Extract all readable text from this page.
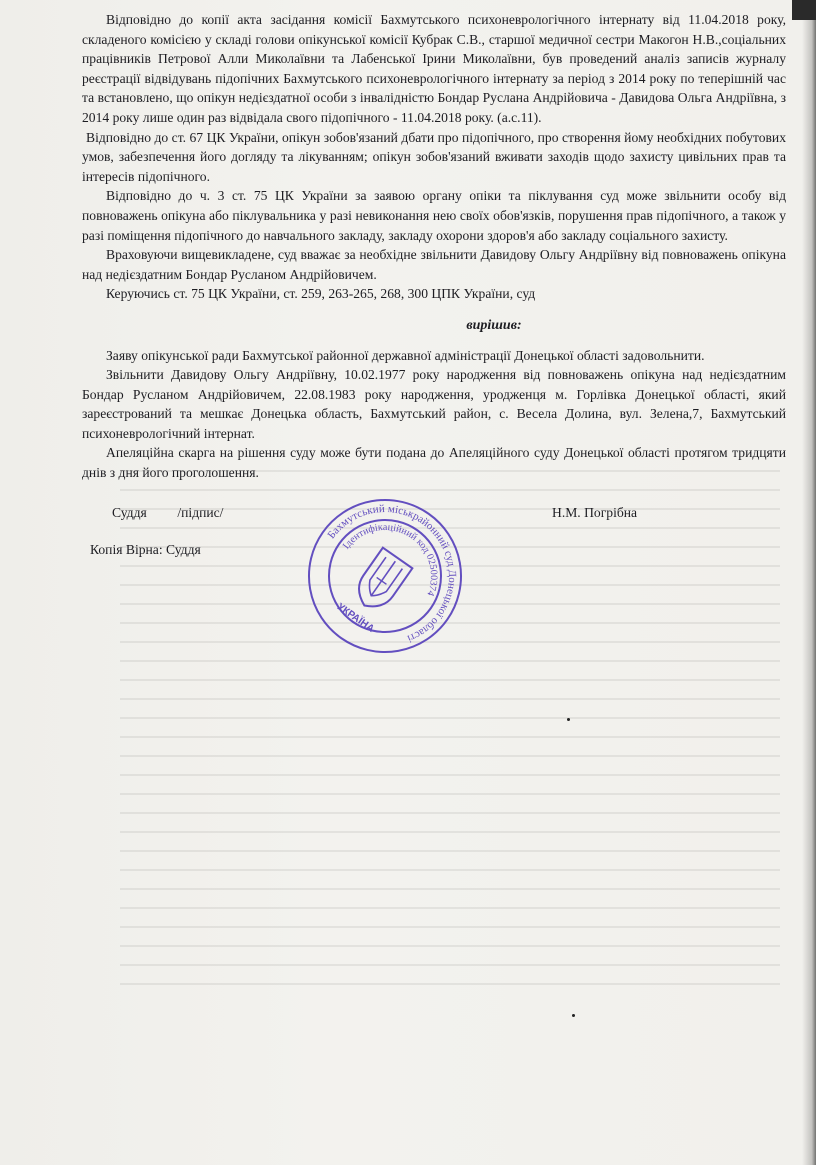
Відповідно до копії акта засідання комісії Бахмутського психоневрологічного інтернату від 11.04.2018 року, складеного комісією у складі голови опікунської комісії Кубрак С.В., старшої медичної сестри Макогон Н.В.,соціальних працівників Петрової Алли Миколаївни та Лабенської Ірини Миколаївни, був проведений аналіз записів журналу реєстрації відвідувань підопічних Бахмутського психоневрологічного інтернату за період з 2014 року по теперішній час та встановлено, що опікун недієздатної особи з інвалідністю Бондар Руслана Андрійовича - Давидова Ольга Андріївна, з 2014 року лише один раз відвідала свого підопічного - 11.04.2018 року. (а.с.11).

Відповідно до ст. 67 ЦК України, опікун зобов'язаний дбати про підопічного, про створення йому необхідних побутових умов, забезпечення його догляду та лікуванням; опікун зобов'язаний вживати заходів щодо захисту цивільних прав та інтересів підопічного.

Відповідно до ч. 3 ст. 75 ЦК України за заявою органу опіки та піклування суд може звільнити особу від повноважень опікуна або піклувальника у разі невиконання нею своїх обов'язків, порушення прав підопічного, а також у разі поміщення підопічного до навчального закладу, закладу охорони здоров'я або закладу соціального захисту.

Враховуючи вищевикладене, суд вважає за необхідне звільнити Давидову Ольгу Андріївну від повноважень опікуна над недієздатним Бондар Русланом Андрійовичем.

Керуючись ст. 75 ЦК України, ст. 259, 263-265, 268, 300 ЦПК України, суд

вирішив:

Заяву опікунської ради Бахмутської районної державної адміністрації Донецької області задовольнити.

Звільнити Давидову Ольгу Андріївну, 10.02.1977 року народження від повноважень опікуна над недієздатним Бондар Русланом Андрійовичем, 22.08.1983 року народження, уродженця м. Горлівка Донецької області, який зареєстрований та мешкає Донецька область, Бахмутський район, с. Весела Долина, вул. Зелена,7, Бахмутський психоневрологічний інтернат.

Апеляційна скарга на рішення суду може бути подана до Апеляційного суду Донецької області протягом тридцяти днів з дня його проголошення.

Суддя /підпис/	Н.М. Погрібна
Копія Вірна: Суддя
Бахмутський міськрайонний суд Донецької області
Ідентифікаційний код 02500374
УКРАЇНА
